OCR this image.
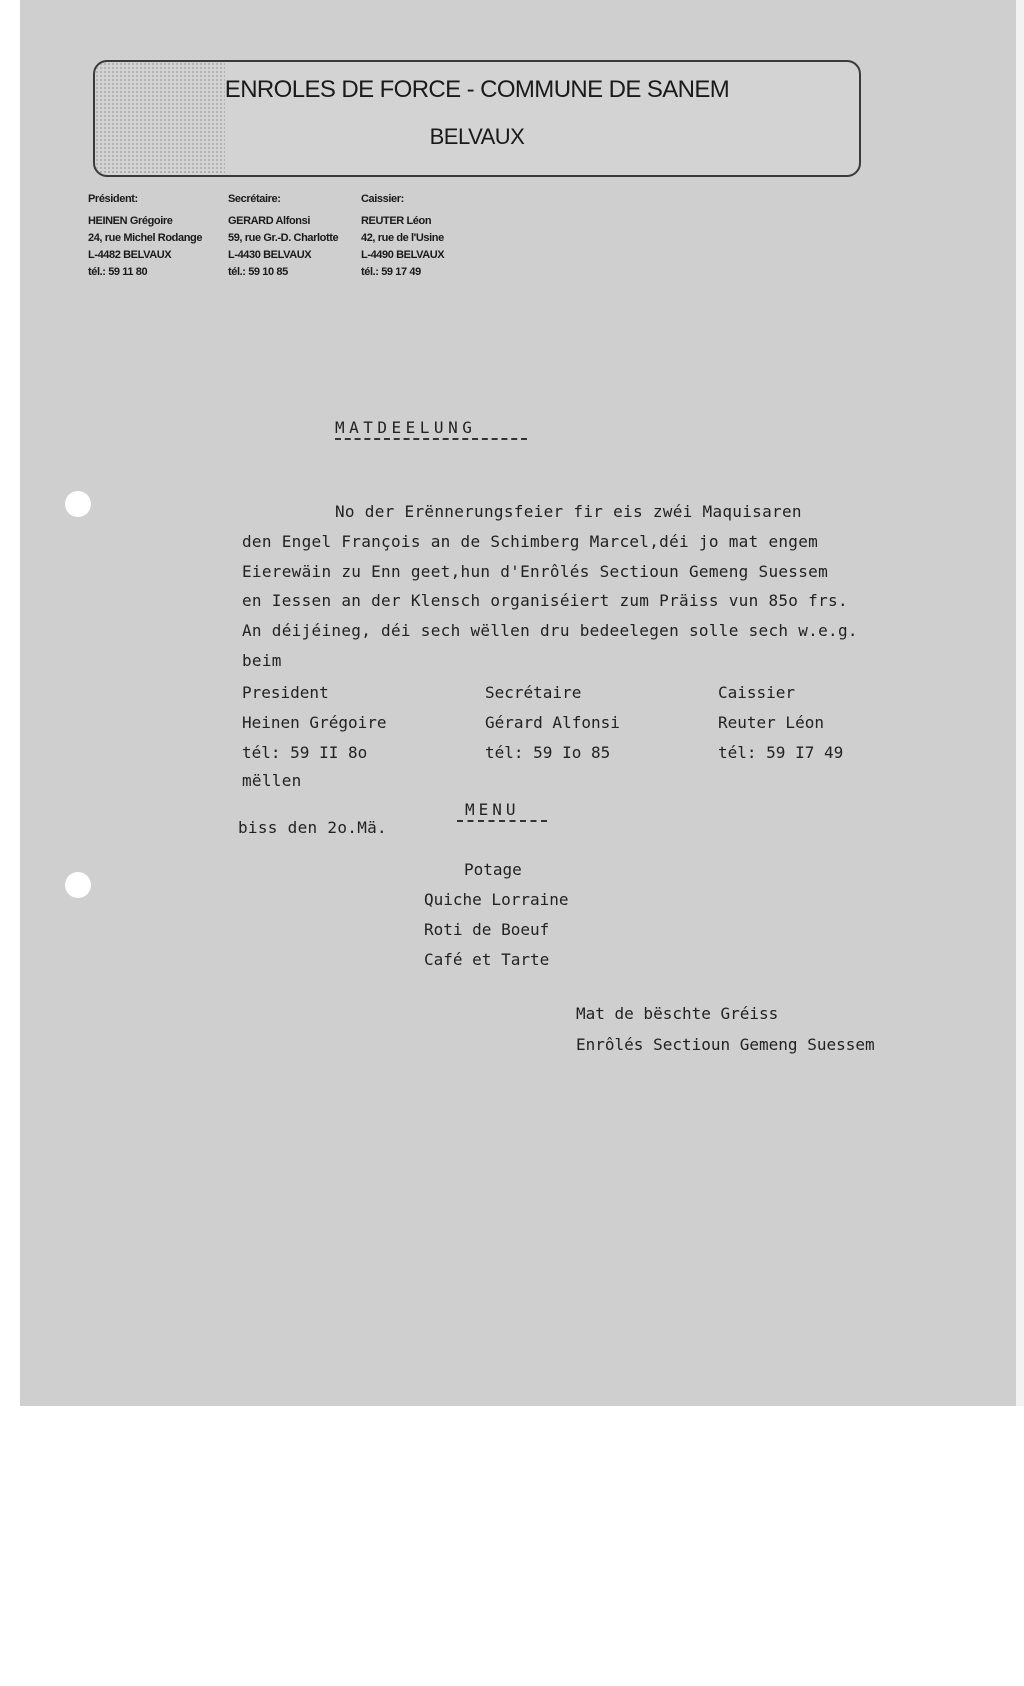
ENROLES DE FORCE - COMMUNE DE SANEM
BELVAUX
Président:
HEINEN Grégoire
24, rue Michel Rodange
L-4482 BELVAUX
tél.: 59 11 80
Secrétaire:
GERARD Alfonsi
59, rue Gr.-D. Charlotte
L-4430 BELVAUX
tél.: 59 10 85
Caissier:
REUTER Léon
42, rue de l'Usine
L-4490 BELVAUX
tél.: 59 17 49
MATDEELUNG
No der Erënnerungsfeier fir eis zwéi Maquisaren
den Engel François an de Schimberg Marcel,déi jo mat engem
Eierewäin zu Enn geet,hun d'Enrôlés Sectioun Gemeng Suessem
en Iessen an der Klensch organiséiert zum Präiss vun 85o frs.
An déijéineg, déi sech wëllen dru bedeelegen solle sech w.e.g.
beim
President
Heinen Grégoire
tél: 59 II 8o
Secrétaire
Gérard Alfonsi
tél: 59 Io 85
Caissier
Reuter Léon
tél: 59 I7 49
mëllen
biss den 2o.Mä.
MENU
Potage
Quiche Lorraine
Roti de Boeuf
Café et Tarte
Mat de bëschte Gréiss
Enrôlés Sectioun Gemeng Suessem
